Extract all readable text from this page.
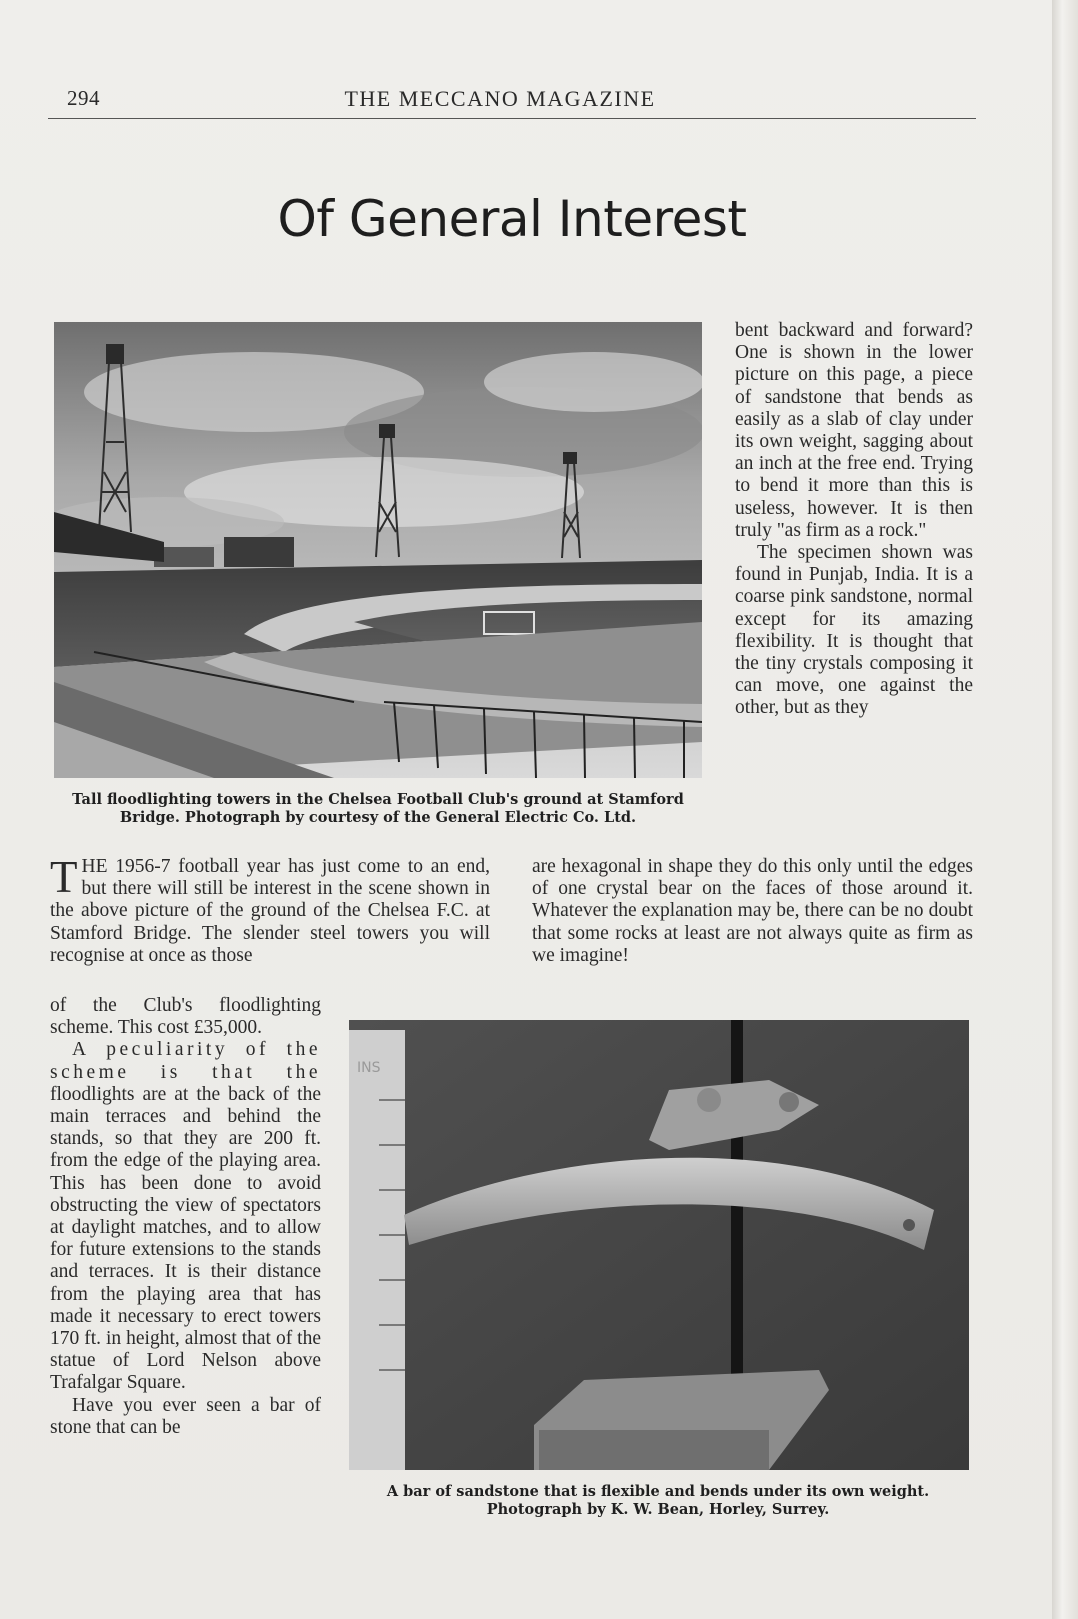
294	THE MECCANO MAGAZINE
Of General Interest
Tall floodlighting towers in the Chelsea Football Club's ground at Stamford Bridge. Photograph by courtesy of the General Electric Co. Ltd.

bent backward and forward? One is shown in the lower picture on this page, a piece of sandstone that bends as easily as a slab of clay under its own weight, sagging about an inch at the free end. Trying to bend it more than this is useless, however. It is then truly "as firm as a rock."

The specimen shown was found in Punjab, India. It is a coarse pink sandstone, normal except for its amazing flexibility. It is thought that the tiny crystals composing it can move, one against the other, but as they

THE 1956-7 football year has just come to an end, but there will still be interest in the scene shown in the above picture of the ground of the Chelsea F.C. at Stamford Bridge. The slender steel towers you will recognise at once as those

are hexagonal in shape they do this only until the edges of one crystal bear on the faces of those around it. Whatever the explanation may be, there can be no doubt that some rocks at least are not always quite as firm as we imagine!

of the Club's floodlighting scheme. This cost £35,000.

A peculiarity of the scheme is that the floodlights are at the back of the main terraces and behind the stands, so that they are 200 ft. from the edge of the playing area. This has been done to avoid obstructing the view of spectators at daylight matches, and to allow for future extensions to the stands and terraces. It is their distance from the playing area that has made it necessary to erect towers 170 ft. in height, almost that of the statue of Lord Nelson above Trafalgar Square.

Have you ever seen a bar of stone that can be

INS
A bar of sandstone that is flexible and bends under its own weight. Photograph by K. W. Bean, Horley, Surrey.
